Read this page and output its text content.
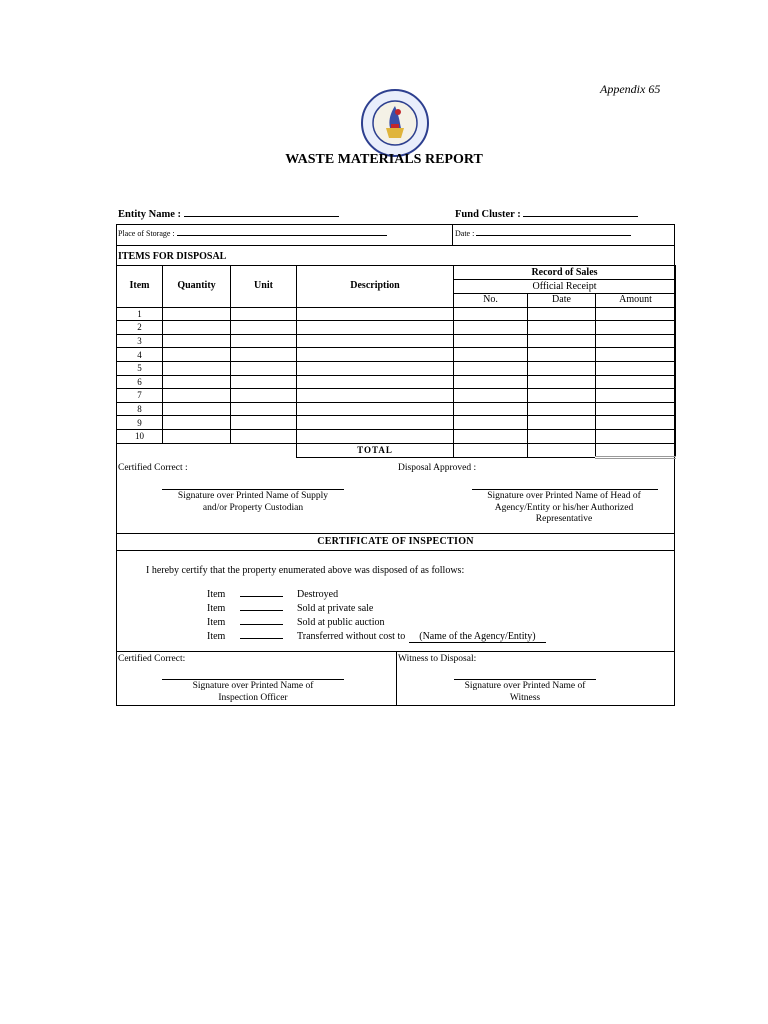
Appendix 65
WASTE MATERIALS REPORT
Entity Name :	Fund Cluster :
Place of Storage :	Date :
ITEMS FOR DISPOSAL
Item	Quantity	Unit	Description	Record of Sales		
				Official Receipt		
				No.	Date	Amount
1						
2						
3						
4						
5						
6						
7						
8						
9						
10						
			TOTAL			
Certified Correct :	Disposal Approved :
Signature over Printed Name of Supply
and/or Property Custodian
Signature over Printed Name of Head of
Agency/Entity or his/her Authorized
Representative
CERTIFICATE OF INSPECTION
I hereby certify that the property enumerated above was disposed of as follows:
Item	Destroyed
Item	Sold at private sale
Item	Sold at public auction
Item	Transferred without cost to (Name of the Agency/Entity)
Certified Correct:	Witness to Disposal:
Signature over Printed Name of
Inspection Officer
Signature over Printed Name of
Witness
